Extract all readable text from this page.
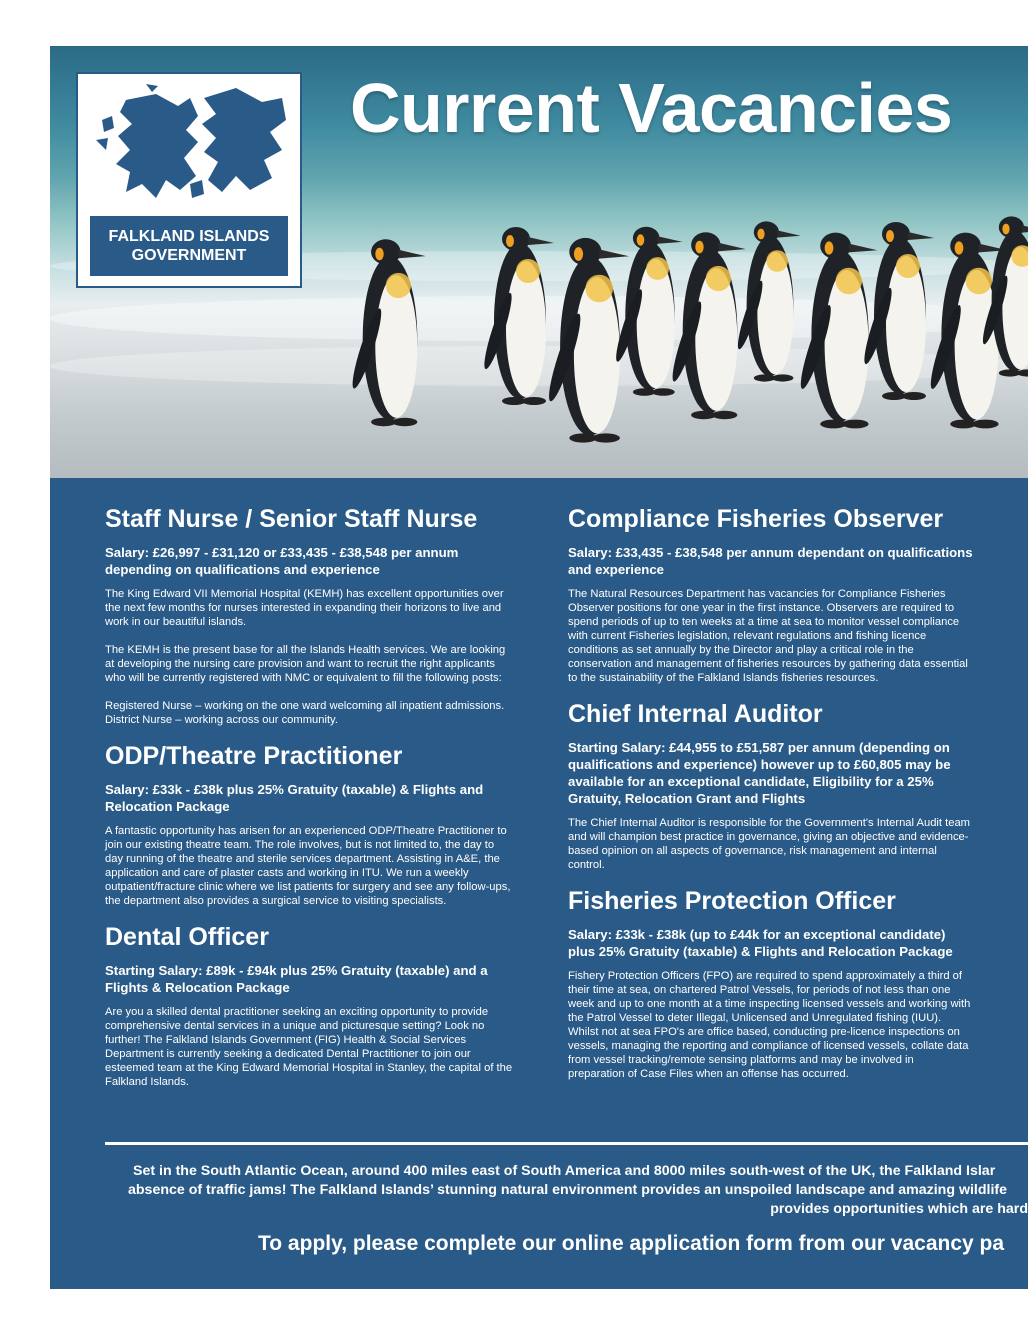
Current Vacancies
FALKLAND ISLANDS
GOVERNMENT
Staff Nurse / Senior Staff Nurse
Salary: £26,997 - £31,120 or £33,435 - £38,548 per annum depending on qualifications and experience

The King Edward VII Memorial Hospital (KEMH) has excellent opportunities over the next few months for nurses interested in expanding their horizons to live and work in our beautiful islands.

The KEMH is the present base for all the Islands Health services. We are looking at developing the nursing care provision and want to recruit the right applicants who will be currently registered with NMC or equivalent to fill the following posts:

Registered Nurse – working on the one ward welcoming all inpatient admissions.

District Nurse – working across our community.

ODP/Theatre Practitioner
Salary: £33k - £38k plus 25% Gratuity (taxable) & Flights and Relocation Package

A fantastic opportunity has arisen for an experienced ODP/Theatre Practitioner to join our existing theatre team. The role involves, but is not limited to, the day to day running of the theatre and sterile services department. Assisting in A&E, the application and care of plaster casts and working in ITU. We run a weekly outpatient/fracture clinic where we list patients for surgery and see any follow-ups, the department also provides a surgical service to visiting specialists.

Dental Officer
Starting Salary: £89k - £94k plus 25% Gratuity (taxable) and a Flights & Relocation Package

Are you a skilled dental practitioner seeking an exciting opportunity to provide comprehensive dental services in a unique and picturesque setting? Look no further! The Falkland Islands Government (FIG) Health & Social Services Department is currently seeking a dedicated Dental Practitioner to join our esteemed team at the King Edward Memorial Hospital in Stanley, the capital of the Falkland Islands.

Compliance Fisheries Observer
Salary: £33,435 - £38,548 per annum dependant on qualifications and experience

The Natural Resources Department has vacancies for Compliance Fisheries Observer positions for one year in the first instance. Observers are required to spend periods of up to ten weeks at a time at sea to monitor vessel compliance with current Fisheries legislation, relevant regulations and fishing licence conditions as set annually by the Director and play a critical role in the conservation and management of fisheries resources by gathering data essential to the sustainability of the Falkland Islands fisheries resources.

Chief Internal Auditor
Starting Salary: £44,955 to £51,587 per annum (depending on qualifications and experience) however up to £60,805 may be available for an exceptional candidate, Eligibility for a 25% Gratuity, Relocation Grant and Flights

The Chief Internal Auditor is responsible for the Government's Internal Audit team and will champion best practice in governance, giving an objective and evidence-based opinion on all aspects of governance, risk management and internal control.

Fisheries Protection Officer
Salary: £33k - £38k (up to £44k for an exceptional candidate) plus 25% Gratuity (taxable) & Flights and Relocation Package

Fishery Protection Officers (FPO) are required to spend approximately a third of their time at sea, on chartered Patrol Vessels, for periods of not less than one week and up to one month at a time inspecting licensed vessels and working with the Patrol Vessel to deter Illegal, Unlicensed and Unregulated fishing (IUU). Whilst not at sea FPO's are office based, conducting pre-licence inspections on vessels, managing the reporting and compliance of licensed vessels, collate data from vessel tracking/remote sensing platforms and may be involved in preparation of Case Files when an offense has occurred.

Set in the South Atlantic Ocean, around 400 miles east of South America and 8000 miles south-west of the UK, the Falkland Islar
absence of traffic jams! The Falkland Islands’ stunning natural environment provides an unspoiled landscape and amazing wildlife
provides opportunities which are hard
To apply, please complete our online application form from our vacancy pa
